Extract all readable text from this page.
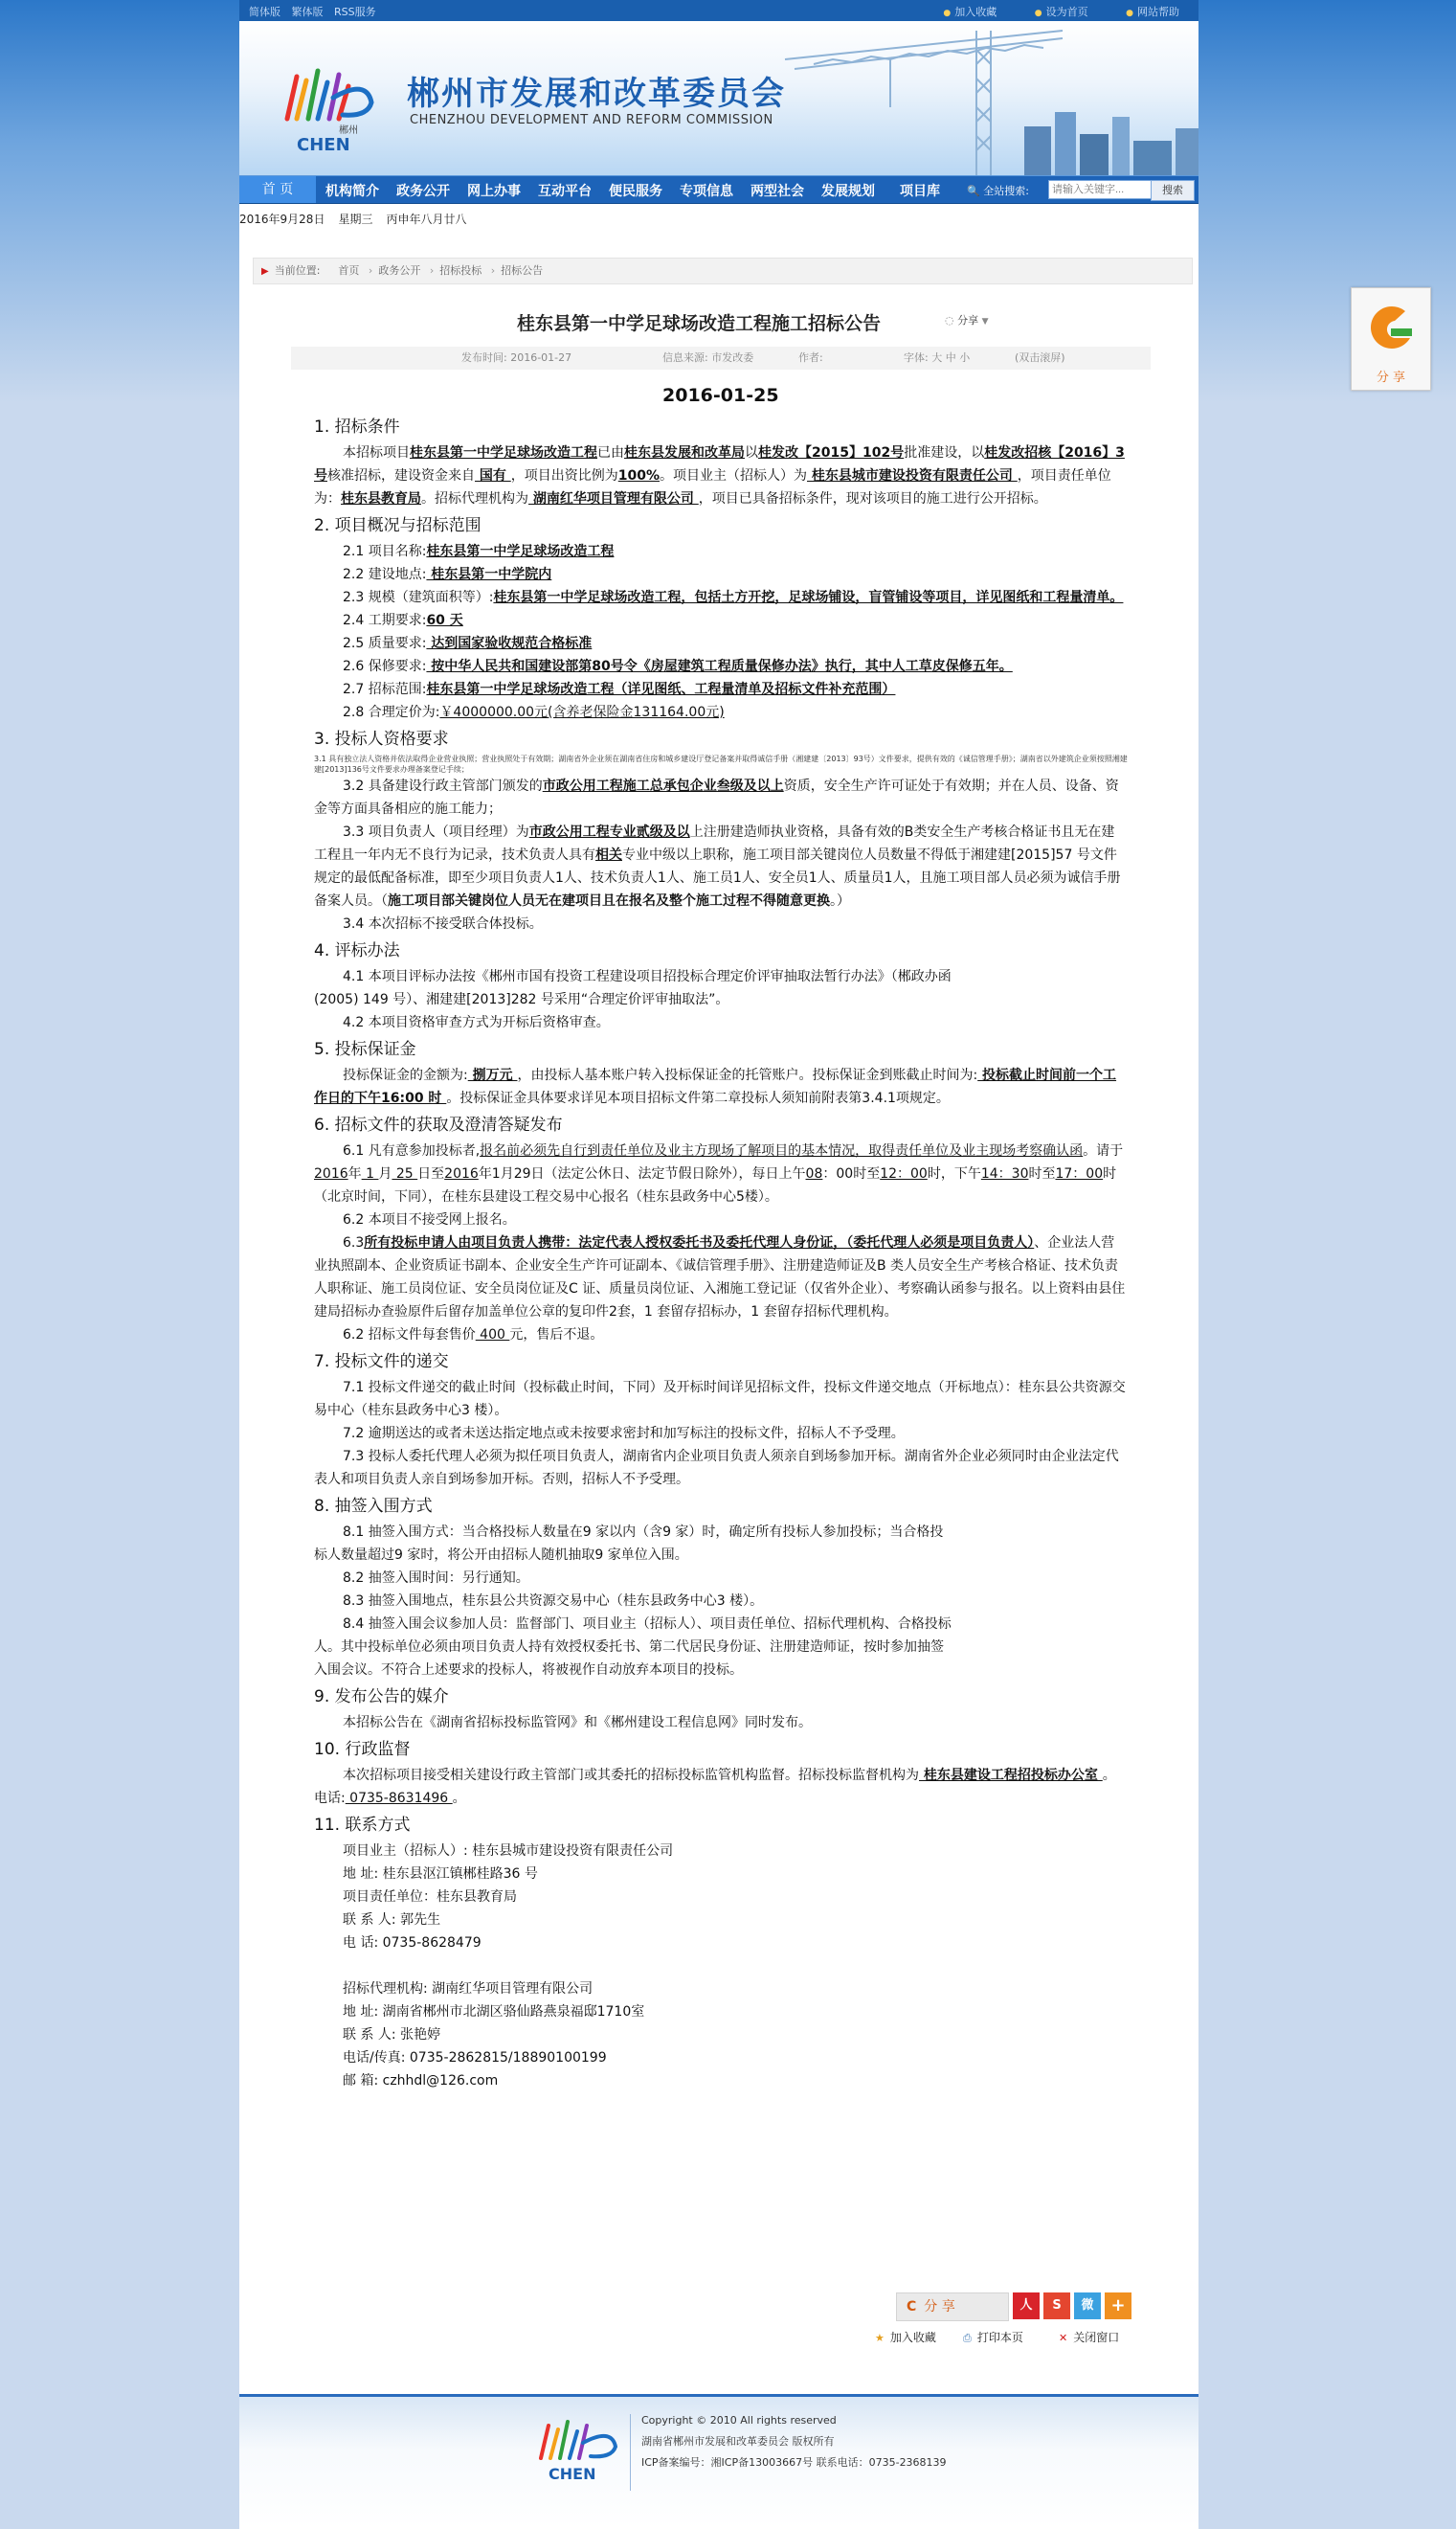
简体版 繁体版 RSS服务	● 加入收藏	● 设为首页	● 网站帮助
郴州
CHEN
郴州市发展和改革委员会
CHENZHOU DEVELOPMENT AND REFORM COMMISSION
首 页	机构简介 政务公开 网上办事 互动平台 便民服务 专项信息 两型社会 发展规划 项目库	🔍 全站搜索:
请输入关键字...	搜索
2016年9月28日 星期三 丙申年八月廿八
▶ 当前位置: 首页 › 政务公开 › 招标投标 › 招标公告
桂东县第一中学足球场改造工程施工招标公告	◌ 分享 ▼
发布时间: 2016-01-27	信息来源: 市发改委	作者:	字体: 大 中 小	(双击滚屏)
2016-01-25
1. 招标条件

本招标项目桂东县第一中学足球场改造工程已由桂东县发展和改革局以桂发改【2015】102号批准建设，以桂发改招核【2016】3号核准招标，建设资金来自 国有 ，项目出资比例为100%。项目业主（招标人）为 桂东县城市建设投资有限责任公司 ，项目责任单位为：桂东县教育局。招标代理机构为 湖南红华项目管理有限公司 ，项目已具备招标条件，现对该项目的施工进行公开招标。

2. 项目概况与招标范围

2.1 项目名称:桂东县第一中学足球场改造工程

2.2 建设地点: 桂东县第一中学院内

2.3 规模（建筑面积等）:桂东县第一中学足球场改造工程，包括土方开挖，足球场铺设，盲管铺设等项目，详见图纸和工程量清单。

2.4 工期要求:60 天

2.5 质量要求: 达到国家验收规范合格标准

2.6 保修要求: 按中华人民共和国建设部第80号令《房屋建筑工程质量保修办法》执行，其中人工草皮保修五年。

2.7 招标范围:桂东县第一中学足球场改造工程（详见图纸、工程量清单及招标文件补充范围）

2.8 合理定价为:￥4000000.00元(含养老保险金131164.00元)

3. 投标人资格要求

3.1 具有独立法人资格并依法取得企业营业执照；营业执照处于有效期；湖南省外企业须在湖南省住房和城乡建设厅登记备案并取得诚信手册（湘建建〔2013〕93号）文件要求，提供有效的《诚信管理手册》；湖南省以外建筑企业须按照湘建建[2013]136号文件要求办理备案登记手续；

3.2 具备建设行政主管部门颁发的市政公用工程施工总承包企业叁级及以上资质，安全生产许可证处于有效期；并在人员、设备、资金等方面具备相应的施工能力；

3.3 项目负责人（项目经理）为市政公用工程专业贰级及以上注册建造师执业资格，具备有效的B类安全生产考核合格证书且无在建工程且一年内无不良行为记录，技术负责人具有相关专业中级以上职称，施工项目部关键岗位人员数量不得低于湘建建[2015]57 号文件规定的最低配备标准，即至少项目负责人1人、技术负责人1人、施工员1人、安全员1人、质量员1人，且施工项目部人员必须为诚信手册备案人员。（施工项目部关键岗位人员无在建项目且在报名及整个施工过程不得随意更换。）

3.4 本次招标不接受联合体投标。

4. 评标办法

4.1 本项目评标办法按《郴州市国有投资工程建设项目招投标合理定价评审抽取法暂行办法》（郴政办函 (2005) 149 号）、湘建建[2013]282 号采用“合理定价评审抽取法”。

4.2 本项目资格审查方式为开标后资格审查。

5. 投标保证金

投标保证金的金额为: 捌万元 ，由投标人基本账户转入投标保证金的托管账户。投标保证金到账截止时间为: 投标截止时间前一个工作日的下午16:00 时 。投标保证金具体要求详见本项目招标文件第二章投标人须知前附表第3.4.1项规定。

6. 招标文件的获取及澄清答疑发布

6.1 凡有意参加投标者,报名前必须先自行到责任单位及业主方现场了解项目的基本情况，取得责任单位及业主现场考察确认函。请于2016年 1 月 25 日至2016年1月29日（法定公休日、法定节假日除外），每日上午08：00时至12：00时，下午14：30时至17：00时（北京时间，下同），在桂东县建设工程交易中心报名（桂东县政务中心5楼）。

6.2 本项目不接受网上报名。

6.3所有投标申请人由项目负责人携带：法定代表人授权委托书及委托代理人身份证，（委托代理人必须是项目负责人）、企业法人营业执照副本、企业资质证书副本、企业安全生产许可证副本、《诚信管理手册》、注册建造师证及B 类人员安全生产考核合格证、技术负责人职称证、施工员岗位证、安全员岗位证及C 证、质量员岗位证、入湘施工登记证（仅省外企业）、考察确认函参与报名。以上资料由县住建局招标办查验原件后留存加盖单位公章的复印件2套，1 套留存招标办，1 套留存招标代理机构。

6.2 招标文件每套售价 400 元，售后不退。

7. 投标文件的递交

7.1 投标文件递交的截止时间（投标截止时间，下同）及开标时间详见招标文件，投标文件递交地点（开标地点）：桂东县公共资源交易中心（桂东县政务中心3 楼）。

7.2 逾期送达的或者未送达指定地点或未按要求密封和加写标注的投标文件，招标人不予受理。

7.3 投标人委托代理人必须为拟任项目负责人，湖南省内企业项目负责人须亲自到场参加开标。湖南省外企业必须同时由企业法定代表人和项目负责人亲自到场参加开标。否则，招标人不予受理。

8. 抽签入围方式

8.1 抽签入围方式：当合格投标人数量在9 家以内（含9 家）时，确定所有投标人参加投标；当合格投标人数量超过9 家时，将公开由招标人随机抽取9 家单位入围。

8.2 抽签入围时间：另行通知。

8.3 抽签入围地点，桂东县公共资源交易中心（桂东县政务中心3 楼）。

8.4 抽签入围会议参加人员：监督部门、项目业主（招标人）、项目责任单位、招标代理机构、合格投标人。其中投标单位必须由项目负责人持有效授权委托书、第二代居民身份证、注册建造师证，按时参加抽签入围会议。不符合上述要求的投标人，将被视作自动放弃本项目的投标。

9. 发布公告的媒介

本招标公告在《湖南省招标投标监管网》和《郴州建设工程信息网》同时发布。

10. 行政监督

本次招标项目接受相关建设行政主管部门或其委托的招标投标监管机构监督。招标投标监督机构为 桂东县建设工程招投标办公室 。电话: 0735-8631496 。

11. 联系方式

项目业主（招标人）: 桂东县城市建设投资有限责任公司

地 址: 桂东县沤江镇郴桂路36 号

项目责任单位：桂东县教育局

联 系 人: 郭先生

电 话: 0735-8628479

招标代理机构: 湖南红华项目管理有限公司

地 址: 湖南省郴州市北湖区骆仙路燕泉福邸1710室

联 系 人: 张艳婷

电话/传真: 0735-2862815/18890100199

邮 箱: czhhdl@126.com

C 分 享	人	S	微 +
★ 加入收藏	⎙ 打印本页	✕ 关闭窗口
CHEN
Copyright © 2010 All rights reserved
湖南省郴州市发展和改革委员会 版权所有
ICP备案编号：湘ICP备13003667号 联系电话：0735-2368139
分 享
